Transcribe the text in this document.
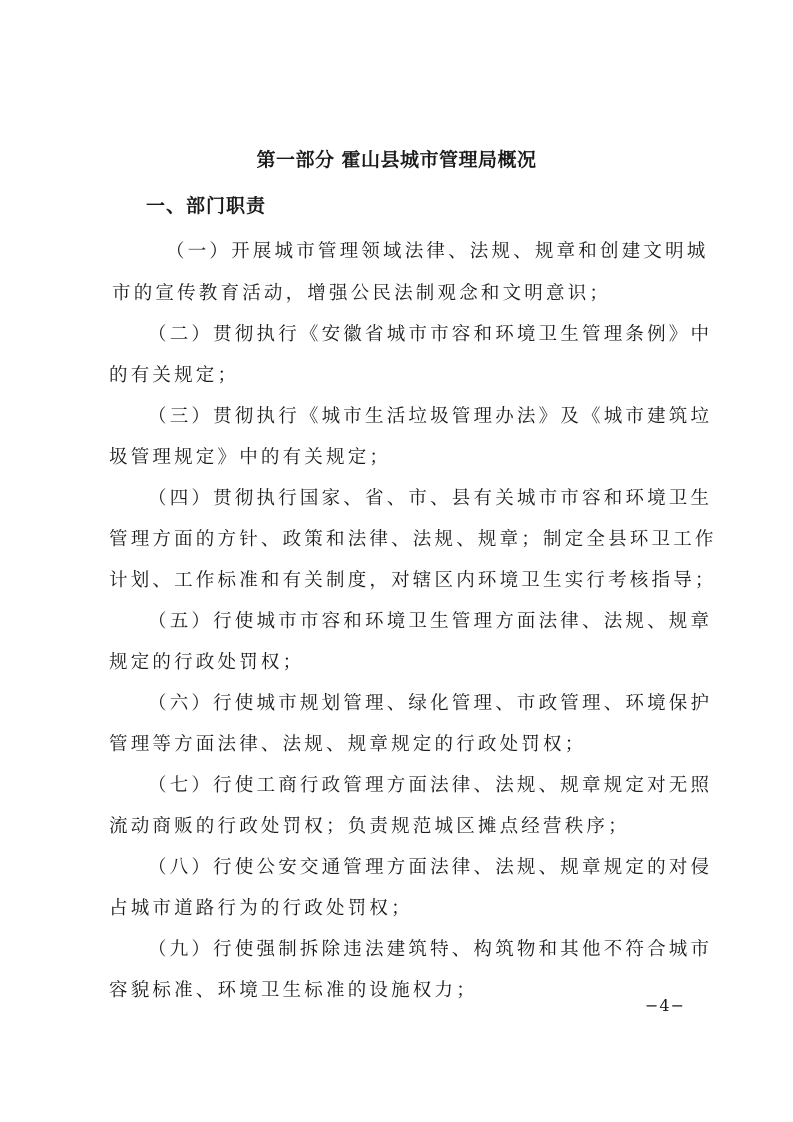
第一部分 霍山县城市管理局概况
一、部门职责
（一）开展城市管理领域法律、法规、规章和创建文明城
市的宣传教育活动，增强公民法制观念和文明意识；
（二）贯彻执行《安徽省城市市容和环境卫生管理条例》中
的有关规定；
（三）贯彻执行《城市生活垃圾管理办法》及《城市建筑垃
圾管理规定》中的有关规定；
（四）贯彻执行国家、省、市、县有关城市市容和环境卫生
管理方面的方针、政策和法律、法规、规章；制定全县环卫工作
计划、工作标准和有关制度，对辖区内环境卫生实行考核指导；
（五）行使城市市容和环境卫生管理方面法律、法规、规章
规定的行政处罚权；
（六）行使城市规划管理、绿化管理、市政管理、环境保护
管理等方面法律、法规、规章规定的行政处罚权；
（七）行使工商行政管理方面法律、法规、规章规定对无照
流动商贩的行政处罚权；负责规范城区摊点经营秩序；
（八）行使公安交通管理方面法律、法规、规章规定的对侵
占城市道路行为的行政处罚权；
（九）行使强制拆除违法建筑特、构筑物和其他不符合城市
容貌标准、环境卫生标准的设施权力；
−4−
